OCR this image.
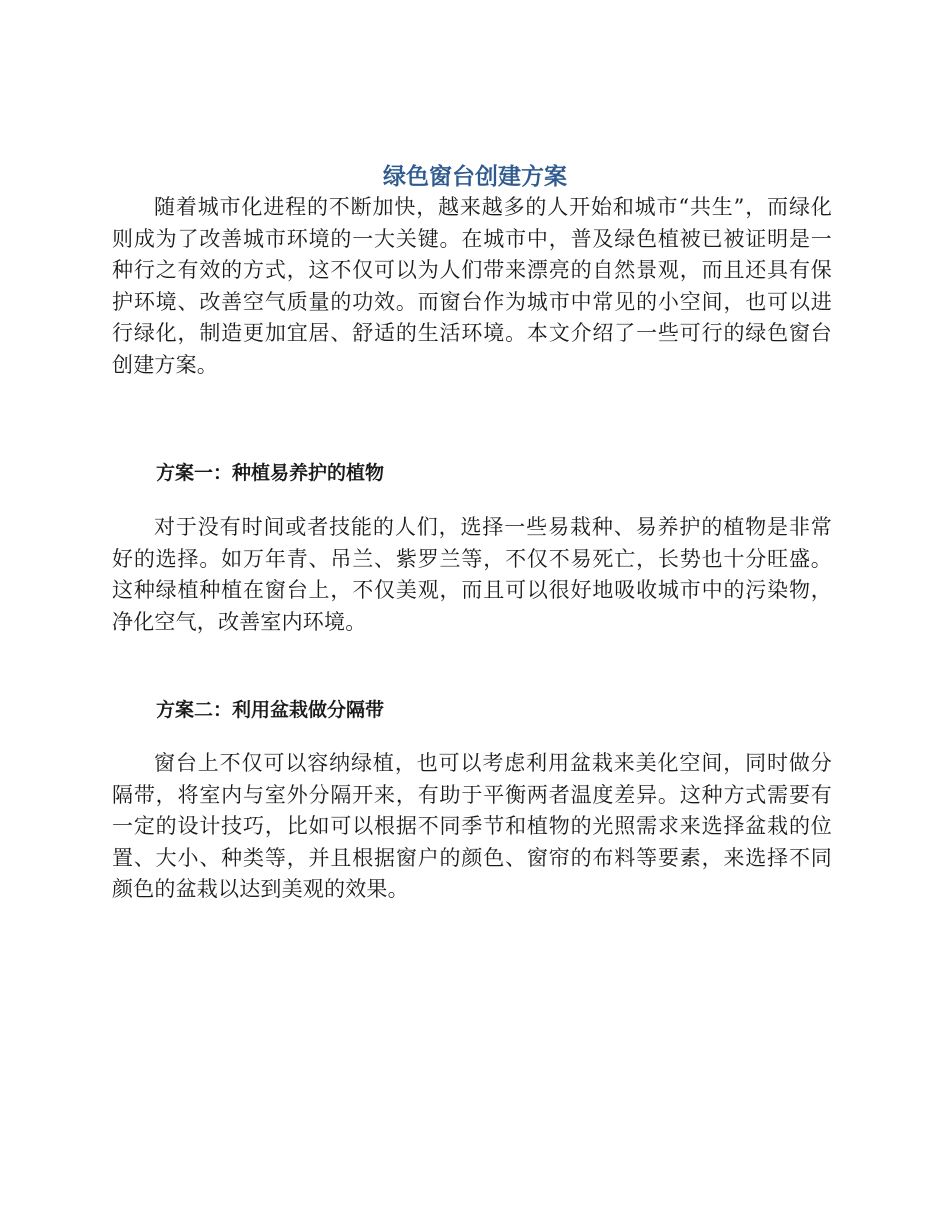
绿色窗台创建方案

随着城市化进程的不断加快，越来越多的人开始和城市“共生”，而绿化则成为了改善城市环境的一大关键。在城市中，普及绿色植被已被证明是一种行之有效的方式，这不仅可以为人们带来漂亮的自然景观，而且还具有保护环境、改善空气质量的功效。而窗台作为城市中常见的小空间，也可以进行绿化，制造更加宜居、舒适的生活环境。本文介绍了一些可行的绿色窗台创建方案。

方案一：种植易养护的植物

对于没有时间或者技能的人们，选择一些易栽种、易养护的植物是非常好的选择。如万年青、吊兰、紫罗兰等，不仅不易死亡，长势也十分旺盛。这种绿植种植在窗台上，不仅美观，而且可以很好地吸收城市中的污染物，净化空气，改善室内环境。

方案二：利用盆栽做分隔带

窗台上不仅可以容纳绿植，也可以考虑利用盆栽来美化空间，同时做分隔带，将室内与室外分隔开来，有助于平衡两者温度差异。这种方式需要有一定的设计技巧，比如可以根据不同季节和植物的光照需求来选择盆栽的位置、大小、种类等，并且根据窗户的颜色、窗帘的布料等要素，来选择不同颜色的盆栽以达到美观的效果。
